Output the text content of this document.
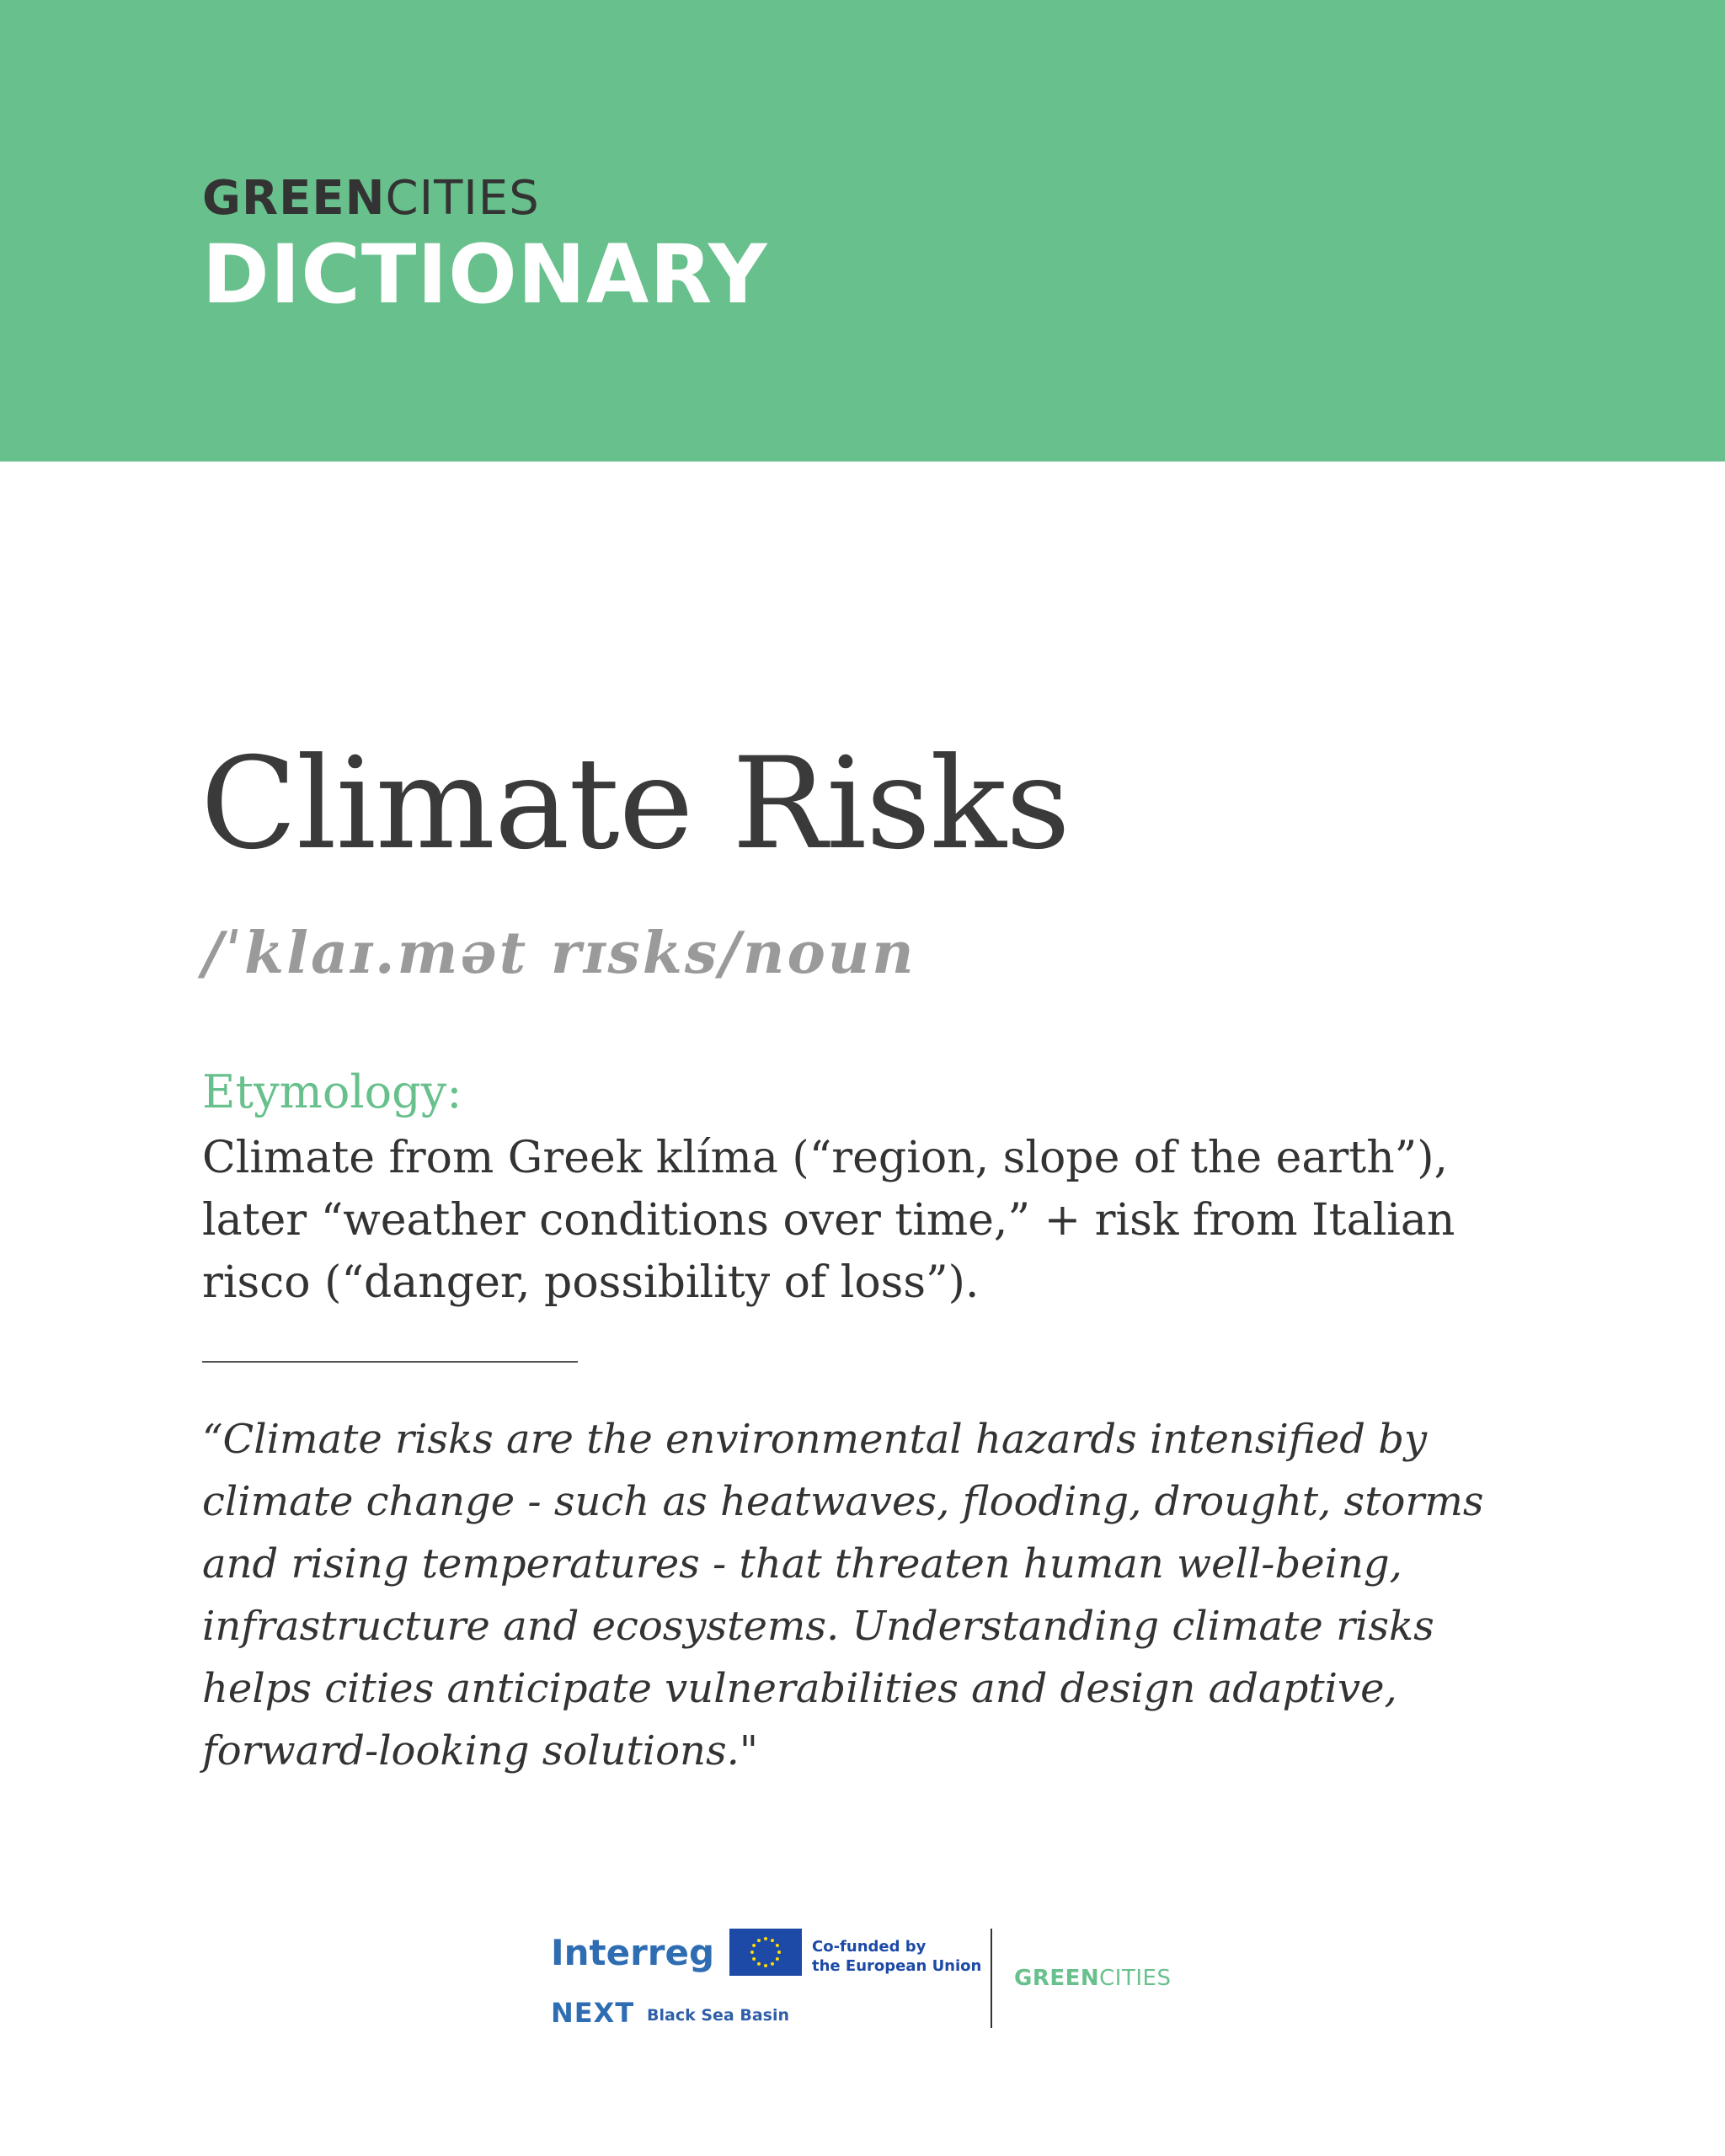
GREENCITIES
DICTIONARY
Climate Risks
/ˈklaɪ.mət rɪsks/noun
Etymology:
Climate from Greek klíma (“region, slope of the earth”),
later “weather conditions over time,” + risk from Italian
risco (“danger, possibility of loss”).
“Climate risks are the environmental hazards intensified by
climate change - such as heatwaves, flooding, drought, storms
and rising temperatures - that threaten human well-being,
infrastructure and ecosystems. Understanding climate risks
helps cities anticipate vulnerabilities and design adaptive,
forward-looking solutions."
Interreg
NEXT Black Sea Basin
Co-funded by
the European Union GREENCITIES
